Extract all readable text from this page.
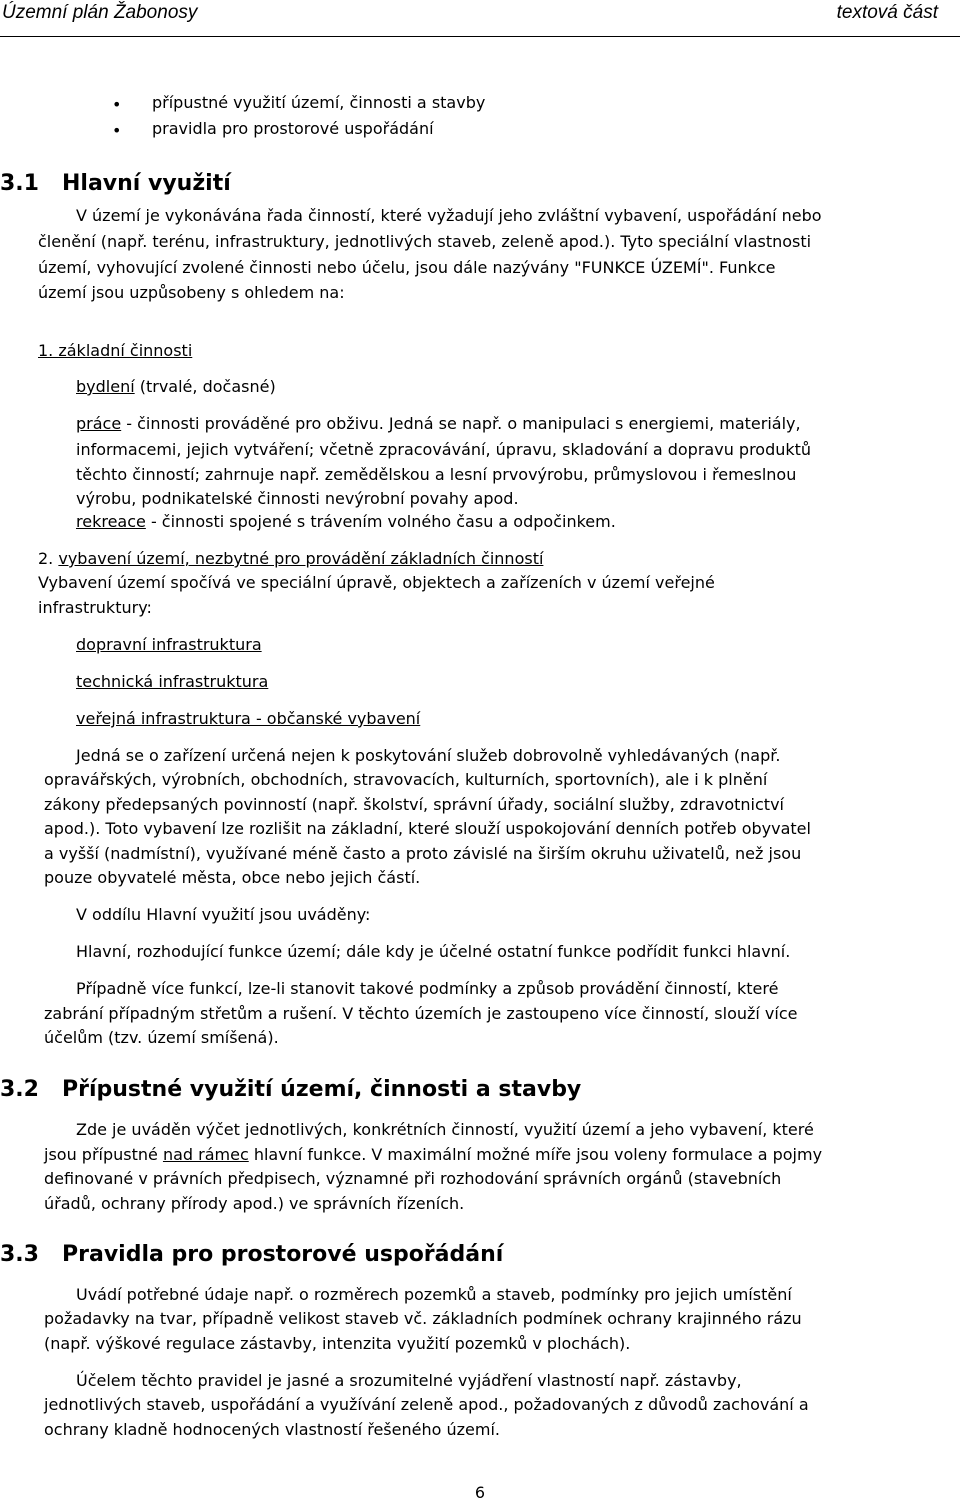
Územní plán Žabonosy	textová část
• přípustné využití území, činnosti a stavby

• pravidla pro prostorové uspořádání

3.1 Hlavní využití

V území je vykonávána řada činností, které vyžadují jeho zvláštní vybavení, uspořádání nebo

členění (např. terénu, infrastruktury, jednotlivých staveb, zeleně apod.). Tyto speciální vlastnosti

území, vyhovující zvolené činnosti nebo účelu, jsou dále nazývány "FUNKCE ÚZEMÍ". Funkce

území jsou uzpůsobeny s ohledem na:

1. základní činnosti

bydlení (trvalé, dočasné)

práce - činnosti prováděné pro obživu. Jedná se např. o manipulaci s energiemi, materiály,

informacemi, jejich vytváření; včetně zpracovávání, úpravu, skladování a dopravu produktů

těchto činností; zahrnuje např. zemědělskou a lesní prvovýrobu, průmyslovou i řemeslnou

výrobu, podnikatelské činnosti nevýrobní povahy apod.

rekreace - činnosti spojené s trávením volného času a odpočinkem.

2. vybavení území, nezbytné pro provádění základních činností

Vybavení území spočívá ve speciální úpravě, objektech a zařízeních v území veřejné

infrastruktury:

dopravní infrastruktura

technická infrastruktura

veřejná infrastruktura - občanské vybavení

Jedná se o zařízení určená nejen k poskytování služeb dobrovolně vyhledávaných (např.

opravářských, výrobních, obchodních, stravovacích, kulturních, sportovních), ale i k plnění

zákony předepsaných povinností (např. školství, správní úřady, sociální služby, zdravotnictví

apod.). Toto vybavení lze rozlišit na základní, které slouží uspokojování denních potřeb obyvatel

a vyšší (nadmístní), využívané méně často a proto závislé na širším okruhu uživatelů, než jsou

pouze obyvatelé města, obce nebo jejich částí.

V oddílu Hlavní využití jsou uváděny:

Hlavní, rozhodující funkce území; dále kdy je účelné ostatní funkce podřídit funkci hlavní.

Případně více funkcí, lze-li stanovit takové podmínky a způsob provádění činností, které

zabrání případným střetům a rušení. V těchto územích je zastoupeno více činností, slouží více

účelům (tzv. území smíšená).

3.2 Přípustné využití území, činnosti a stavby

Zde je uváděn výčet jednotlivých, konkrétních činností, využití území a jeho vybavení, které

jsou přípustné nad rámec hlavní funkce. V maximální možné míře jsou voleny formulace a pojmy

definované v právních předpisech, významné při rozhodování správních orgánů (stavebních

úřadů, ochrany přírody apod.) ve správních řízeních.

3.3 Pravidla pro prostorové uspořádání

Uvádí potřebné údaje např. o rozměrech pozemků a staveb, podmínky pro jejich umístění

požadavky na tvar, případně velikost staveb vč. základních podmínek ochrany krajinného rázu

(např. výškové regulace zástavby, intenzita využití pozemků v plochách).

Účelem těchto pravidel je jasné a srozumitelné vyjádření vlastností např. zástavby,

jednotlivých staveb, uspořádání a využívání zeleně apod., požadovaných z důvodů zachování a

ochrany kladně hodnocených vlastností řešeného území.

6
